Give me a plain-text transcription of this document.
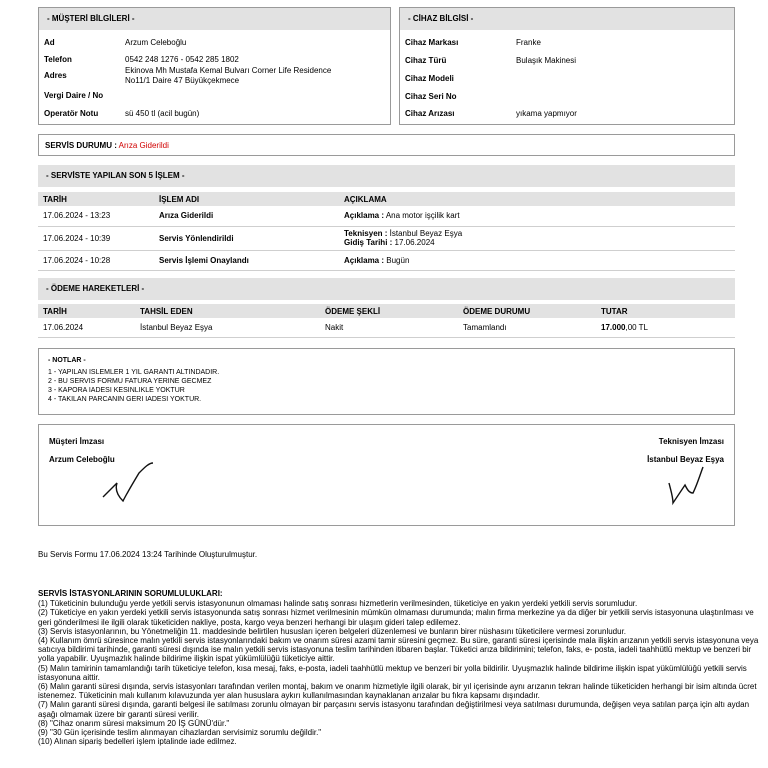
- MÜŞTERİ BİLGİLERİ -
Ad	Arzum Celeboğlu
Telefon	0542 248 1276 - 0542 285 1802
Adres
Ekinova Mh Mustafa Kemal Bulvarı Corner Life Residence
No11/1 Daire 47 Büyükçekmece
Vergi Daire / No
Operatör Notu	sü 450 tl (acil bugün)
- CİHAZ BİLGİSİ -
Cihaz Markası	Franke
Cihaz Türü	Bulaşık Makinesi
Cihaz Modeli
Cihaz Seri No
Cihaz Arızası	yıkama yapmıyor
SERVİS DURUMU : Arıza Giderildi
- SERVİSTE YAPILAN SON 5 İŞLEM -
TARİH	İŞLEM ADI	AÇIKLAMA
17.06.2024 - 13:23	Arıza Giderildi	Açıklama : Ana motor işçilik kart
17.06.2024 - 10:39	Servis Yönlendirildi	Teknisyen : İstanbul Beyaz Eşya
Gidiş Tarihi : 17.06.2024

17.06.2024 - 10:28	Servis İşlemi Onaylandı	Açıklama : Bugün
- ÖDEME HAREKETLERİ -
TARİH	TAHSİL EDEN	ÖDEME ŞEKLİ	ÖDEME DURUMU	TUTAR
17.06.2024	İstanbul Beyaz Eşya	Nakit	Tamamlandı	17.000,00 TL
- NOTLAR -
1 - YAPILAN ISLEMLER 1 YIL GARANTI ALTINDADIR.
2 - BU SERVIS FORMU FATURA YERINE GECMEZ
3 - KAPORA IADESI KESINLIKLE YOKTUR
4 - TAKILAN PARCANIN GERI IADESI YOKTUR.
Müşteri İmzası
Arzum Celeboğlu
Teknisyen İmzası
İstanbul Beyaz Eşya
Bu Servis Formu 17.06.2024 13:24 Tarihinde Oluşturulmuştur.

SERVİS İSTASYONLARININ SORUMLULUKLARI:

(1) Tüketicinin bulunduğu yerde yetkili servis istasyonunun olmaması halinde satış sonrası hizmetlerin verilmesinden, tüketiciye en yakın yerdeki yetkili servis sorumludur.

(2) Tüketiciye en yakın yerdeki yetkili servis istasyonunda satış sonrası hizmet verilmesinin mümkün olmaması durumunda; malın firma merkezine ya da diğer bir yetkili servis istasyonuna ulaştırılması ve geri gönderilmesi ile ilgili olarak tüketiciden nakliye, posta, kargo veya benzeri herhangi bir ulaşım gideri talep edilemez.

(3) Servis istasyonlarının, bu Yönetmeliğin 11. maddesinde belirtilen hususları içeren belgeleri düzenlemesi ve bunların birer nüshasını tüketicilere vermesi zorunludur.

(4) Kullanım ömrü süresince malın yetkili servis istasyonlarındaki bakım ve onarım süresi azami tamir süresini geçmez. Bu süre, garanti süresi içerisinde mala ilişkin arızanın yetkili servis istasyonuna veya satıcıya bildirimi tarihinde, garanti süresi dışında ise malın yetkili servis istasyonuna teslim tarihinden itibaren başlar. Tüketici arıza bildirimini; telefon, faks, e- posta, iadeli taahhütlü mektup ve benzeri bir yolla yapabilir. Uyuşmazlık halinde bildirime ilişkin ispat yükümlülüğü tüketiciye aittir.

(5) Malın tamirinin tamamlandığı tarih tüketiciye telefon, kısa mesaj, faks, e-posta, iadeli taahhütlü mektup ve benzeri bir yolla bildirilir. Uyuşmazlık halinde bildirime ilişkin ispat yükümlülüğü yetkili servis istasyonuna aittir.

(6) Malın garanti süresi dışında, servis istasyonları tarafından verilen montaj, bakım ve onarım hizmetiyle ilgili olarak, bir yıl içerisinde aynı arızanın tekrarı halinde tüketiciden herhangi bir isim altında ücret istenemez. Tüketicinin malı kullanım kılavuzunda yer alan hususlara aykırı kullanılmasından kaynaklanan arızalar bu fıkra kapsamı dışındadır.

(7) Malın garanti süresi dışında, garanti belgesi ile satılması zorunlu olmayan bir parçasını servis istasyonu tarafından değiştirilmesi veya satılması durumunda, değişen veya satılan parça için altı aydan aşağı olmamak üzere bir garanti süresi verilir.

(8) "Cihaz onarım süresi maksimum 20 İŞ GÜNÜ'dür."

(9) "30 Gün içerisinde teslim alınmayan cihazlardan servisimiz sorumlu değildir."

(10) Alınan sipariş bedelleri işlem iptalinde iade edilmez.
